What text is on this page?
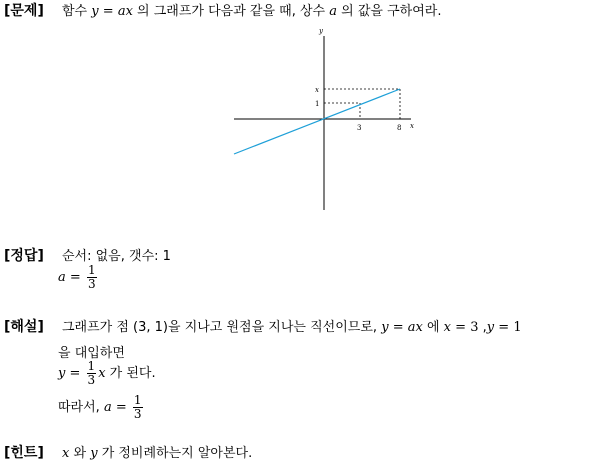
[문제] 함수 y = ax 의 그래프가 다음과 같을 때, 상수 a 의 값을 구하여라.
y
x
3	8
1
x
[정답] 순서: 없음, 갯수: 1
$a = \frac{1}{3}$
[해설] 그래프가 점 (3, 1)을 지나고 원점을 지나는 직선이므로, y = ax 에 x = 3 ,y = 1
을 대입하면
$y = \frac{1}{3}$ x 가 된다.
따라서, $a = \frac{1}{3}$
[힌트] x 와 y 가 정비례하는지 알아본다.
